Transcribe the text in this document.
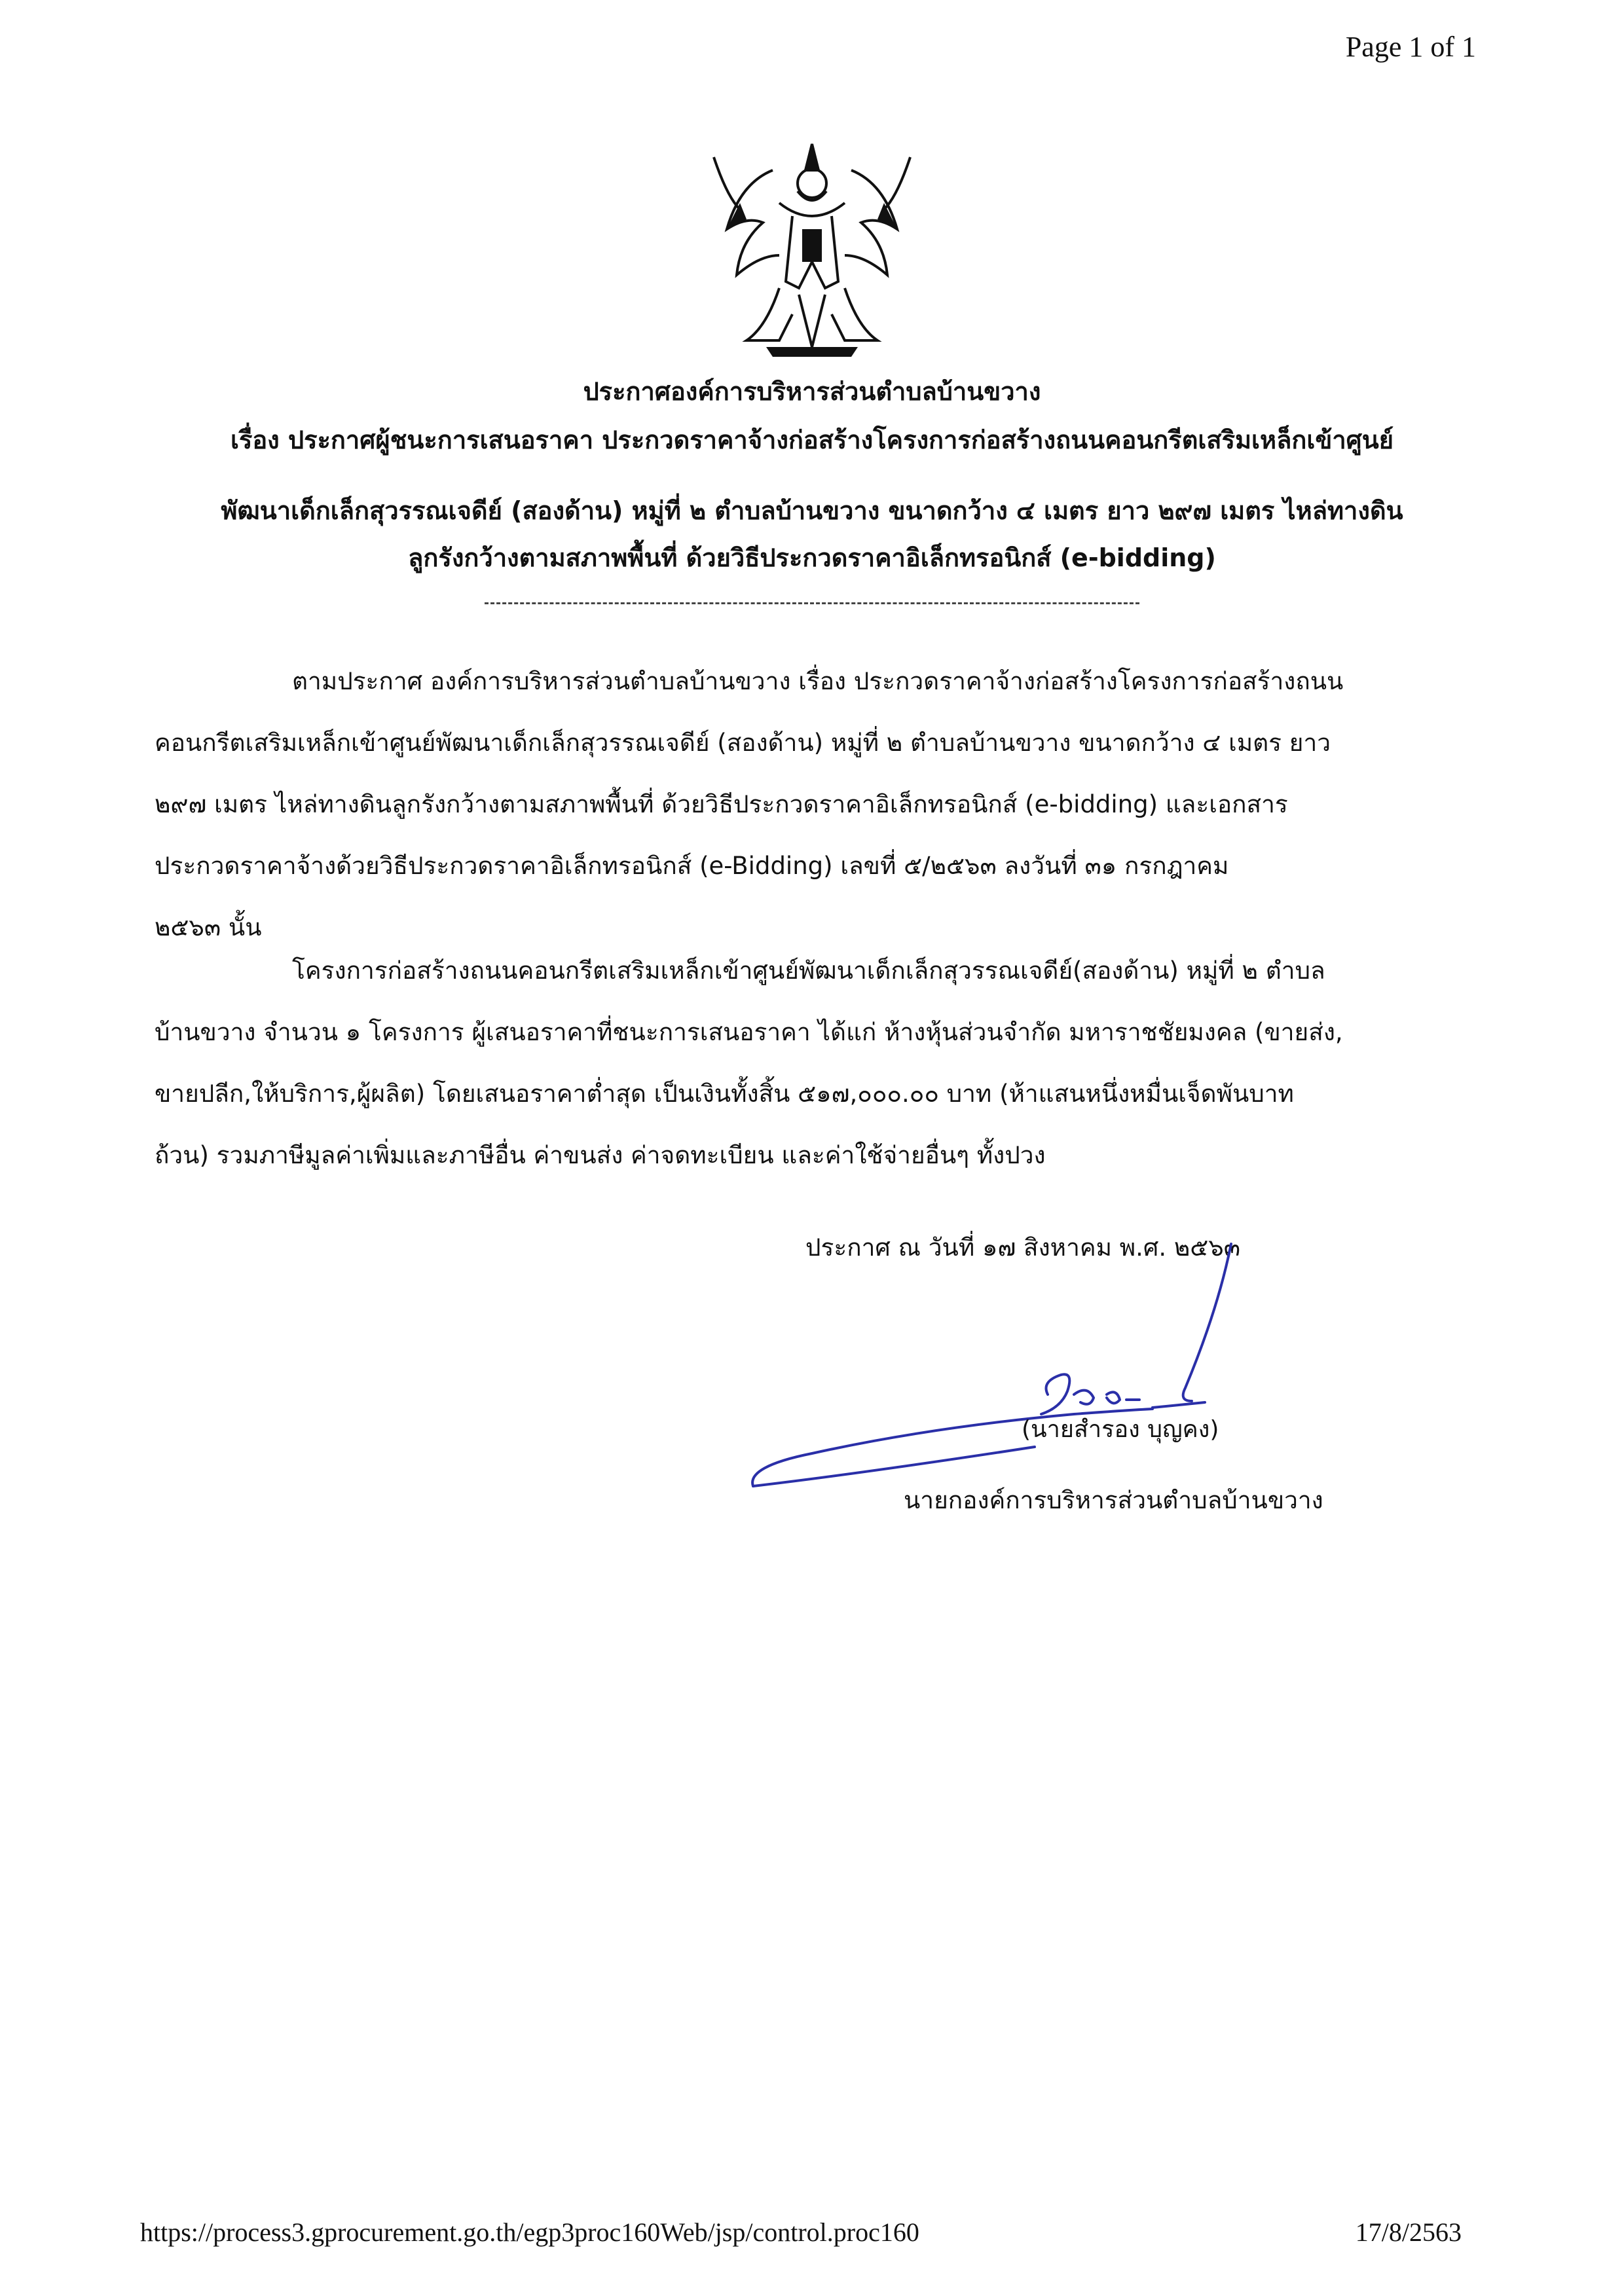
Page 1 of 1
ประกาศองค์การบริหารส่วนตำบลบ้านขวาง
เรื่อง ประกาศผู้ชนะการเสนอราคา ประกวดราคาจ้างก่อสร้างโครงการก่อสร้างถนนคอนกรีตเสริมเหล็กเข้าศูนย์
พัฒนาเด็กเล็กสุวรรณเจดีย์ (สองด้าน) หมู่ที่ ๒ ตำบลบ้านขวาง ขนาดกว้าง ๔ เมตร ยาว ๒๙๗ เมตร ไหล่ทางดิน
ลูกรังกว้างตามสภาพพื้นที่ ด้วยวิธีประกวดราคาอิเล็กทรอนิกส์ (e-bidding)

ตามประกาศ องค์การบริหารส่วนตำบลบ้านขวาง เรื่อง ประกวดราคาจ้างก่อสร้างโครงการก่อสร้างถนน
คอนกรีตเสริมเหล็กเข้าศูนย์พัฒนาเด็กเล็กสุวรรณเจดีย์ (สองด้าน) หมู่ที่ ๒ ตำบลบ้านขวาง ขนาดกว้าง ๔ เมตร ยาว
๒๙๗ เมตร ไหล่ทางดินลูกรังกว้างตามสภาพพื้นที่ ด้วยวิธีประกวดราคาอิเล็กทรอนิกส์ (e-bidding) และเอกสาร
ประกวดราคาจ้างด้วยวิธีประกวดราคาอิเล็กทรอนิกส์ (e-Bidding) เลขที่ ๕/๒๕๖๓ ลงวันที่ ๓๑ กรกฎาคม
๒๕๖๓ นั้น

โครงการก่อสร้างถนนคอนกรีตเสริมเหล็กเข้าศูนย์พัฒนาเด็กเล็กสุวรรณเจดีย์(สองด้าน) หมู่ที่ ๒ ตำบล
บ้านขวาง จำนวน ๑ โครงการ ผู้เสนอราคาที่ชนะการเสนอราคา ได้แก่ ห้างหุ้นส่วนจำกัด มหาราชชัยมงคล (ขายส่ง,
ขายปลีก,ให้บริการ,ผู้ผลิต) โดยเสนอราคาต่ำสุด เป็นเงินทั้งสิ้น ๕๑๗,๐๐๐.๐๐ บาท (ห้าแสนหนึ่งหมื่นเจ็ดพันบาท
ถ้วน) รวมภาษีมูลค่าเพิ่มและภาษีอื่น ค่าขนส่ง ค่าจดทะเบียน และค่าใช้จ่ายอื่นๆ ทั้งปวง

ประกาศ ณ วันที่ ๑๗ สิงหาคม พ.ศ. ๒๕๖๓
(นายสำรอง บุญคง)
นายกองค์การบริหารส่วนตำบลบ้านขวาง
https://process3.gprocurement.go.th/egp3proc160Web/jsp/control.proc160	17/8/2563
